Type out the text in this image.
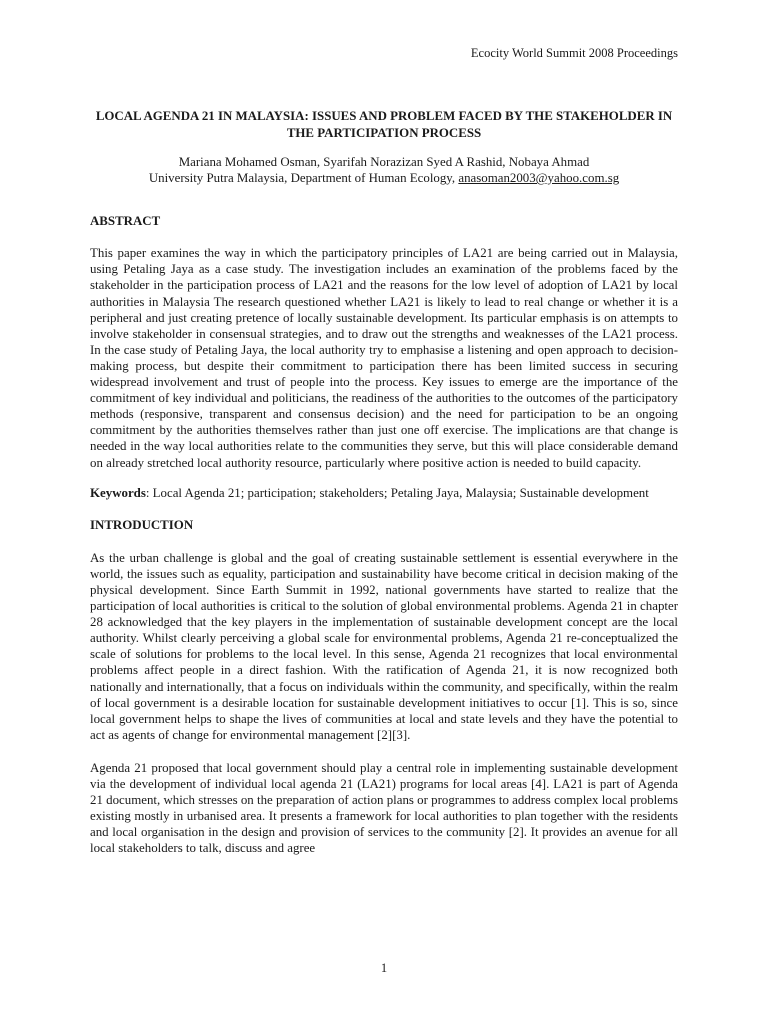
Ecocity World Summit 2008 Proceedings

LOCAL AGENDA 21 IN MALAYSIA: ISSUES AND PROBLEM FACED BY THE STAKEHOLDER IN THE PARTICIPATION PROCESS

Mariana Mohamed Osman, Syarifah Norazizan Syed A Rashid, Nobaya Ahmad

University Putra Malaysia, Department of Human Ecology, anasoman2003@yahoo.com.sg

ABSTRACT

This paper examines the way in which the participatory principles of LA21 are being carried out in Malaysia, using Petaling Jaya as a case study. The investigation includes an examination of the problems faced by the stakeholder in the participation process of LA21 and the reasons for the low level of adoption of LA21 by local authorities in Malaysia The research questioned whether LA21 is likely to lead to real change or whether it is a peripheral and just creating pretence of locally sustainable development. Its particular emphasis is on attempts to involve stakeholder in consensual strategies, and to draw out the strengths and weaknesses of the LA21 process. In the case study of Petaling Jaya, the local authority try to emphasise a listening and open approach to decision-making process, but despite their commitment to participation there has been limited success in securing widespread involvement and trust of people into the process. Key issues to emerge are the importance of the commitment of key individual and politicians, the readiness of the authorities to the outcomes of the participatory methods (responsive, transparent and consensus decision) and the need for participation to be an ongoing commitment by the authorities themselves rather than just one off exercise. The implications are that change is needed in the way local authorities relate to the communities they serve, but this will place considerable demand on already stretched local authority resource, particularly where positive action is needed to build capacity.

Keywords: Local Agenda 21; participation; stakeholders; Petaling Jaya, Malaysia; Sustainable development

INTRODUCTION

As the urban challenge is global and the goal of creating sustainable settlement is essential everywhere in the world, the issues such as equality, participation and sustainability have become critical in decision making of the physical development. Since Earth Summit in 1992, national governments have started to realize that the participation of local authorities is critical to the solution of global environmental problems. Agenda 21 in chapter 28 acknowledged that the key players in the implementation of sustainable development concept are the local authority. Whilst clearly perceiving a global scale for environmental problems, Agenda 21 re-conceptualized the scale of solutions for problems to the local level. In this sense, Agenda 21 recognizes that local environmental problems affect people in a direct fashion. With the ratification of Agenda 21, it is now recognized both nationally and internationally, that a focus on individuals within the community, and specifically, within the realm of local government is a desirable location for sustainable development initiatives to occur [1]. This is so, since local government helps to shape the lives of communities at local and state levels and they have the potential to act as agents of change for environmental management [2][3].

Agenda 21 proposed that local government should play a central role in implementing sustainable development via the development of individual local agenda 21 (LA21) programs for local areas [4]. LA21 is part of Agenda 21 document, which stresses on the preparation of action plans or programmes to address complex local problems existing mostly in urbanised area. It presents a framework for local authorities to plan together with the residents and local organisation in the design and provision of services to the community [2]. It provides an avenue for all local stakeholders to talk, discuss and agree

1
